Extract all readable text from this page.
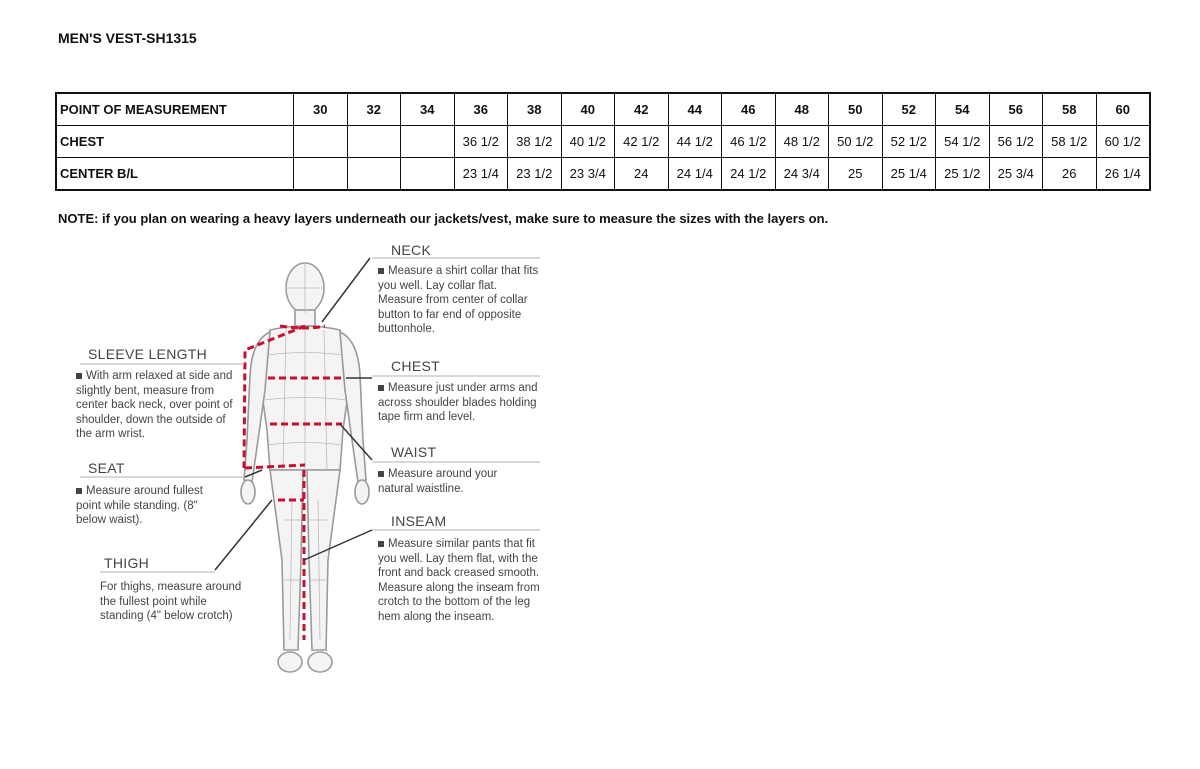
MEN'S VEST-SH1315
POINT OF MEASUREMENT	30	32	34	36	38	40	42	44	46	48	50	52	54	56	58	60
CHEST				36 1/2	38 1/2	40 1/2	42 1/2	44 1/2	46 1/2	48 1/2	50 1/2	52 1/2	54 1/2	56 1/2	58 1/2	60 1/2
CENTER B/L				23 1/4	23 1/2	23 3/4	24	24 1/4	24 1/2	24 3/4	25	25 1/4	25 1/2	25 3/4	26	26 1/4
NOTE: if you plan on wearing a heavy layers underneath our jackets/vest, make sure to measure the sizes with the layers on.
NECK
Measure a shirt collar that fits you well. Lay collar flat. Measure from center of collar button to far end of opposite buttonhole.
CHEST
Measure just under arms and across shoulder blades holding tape firm and level.
WAIST
Measure around your natural waistline.
INSEAM
Measure similar pants that fit you well. Lay them flat, with the front and back creased smooth. Measure along the inseam from crotch to the bottom of the leg hem along the inseam.
SLEEVE LENGTH
With arm relaxed at side and slightly bent, measure from center back neck, over point of shoulder, down the outside of the arm wrist.
SEAT
Measure around fullest point while standing. (8" below waist).
THIGH
For thighs, measure around the fullest point while standing (4" below crotch)
